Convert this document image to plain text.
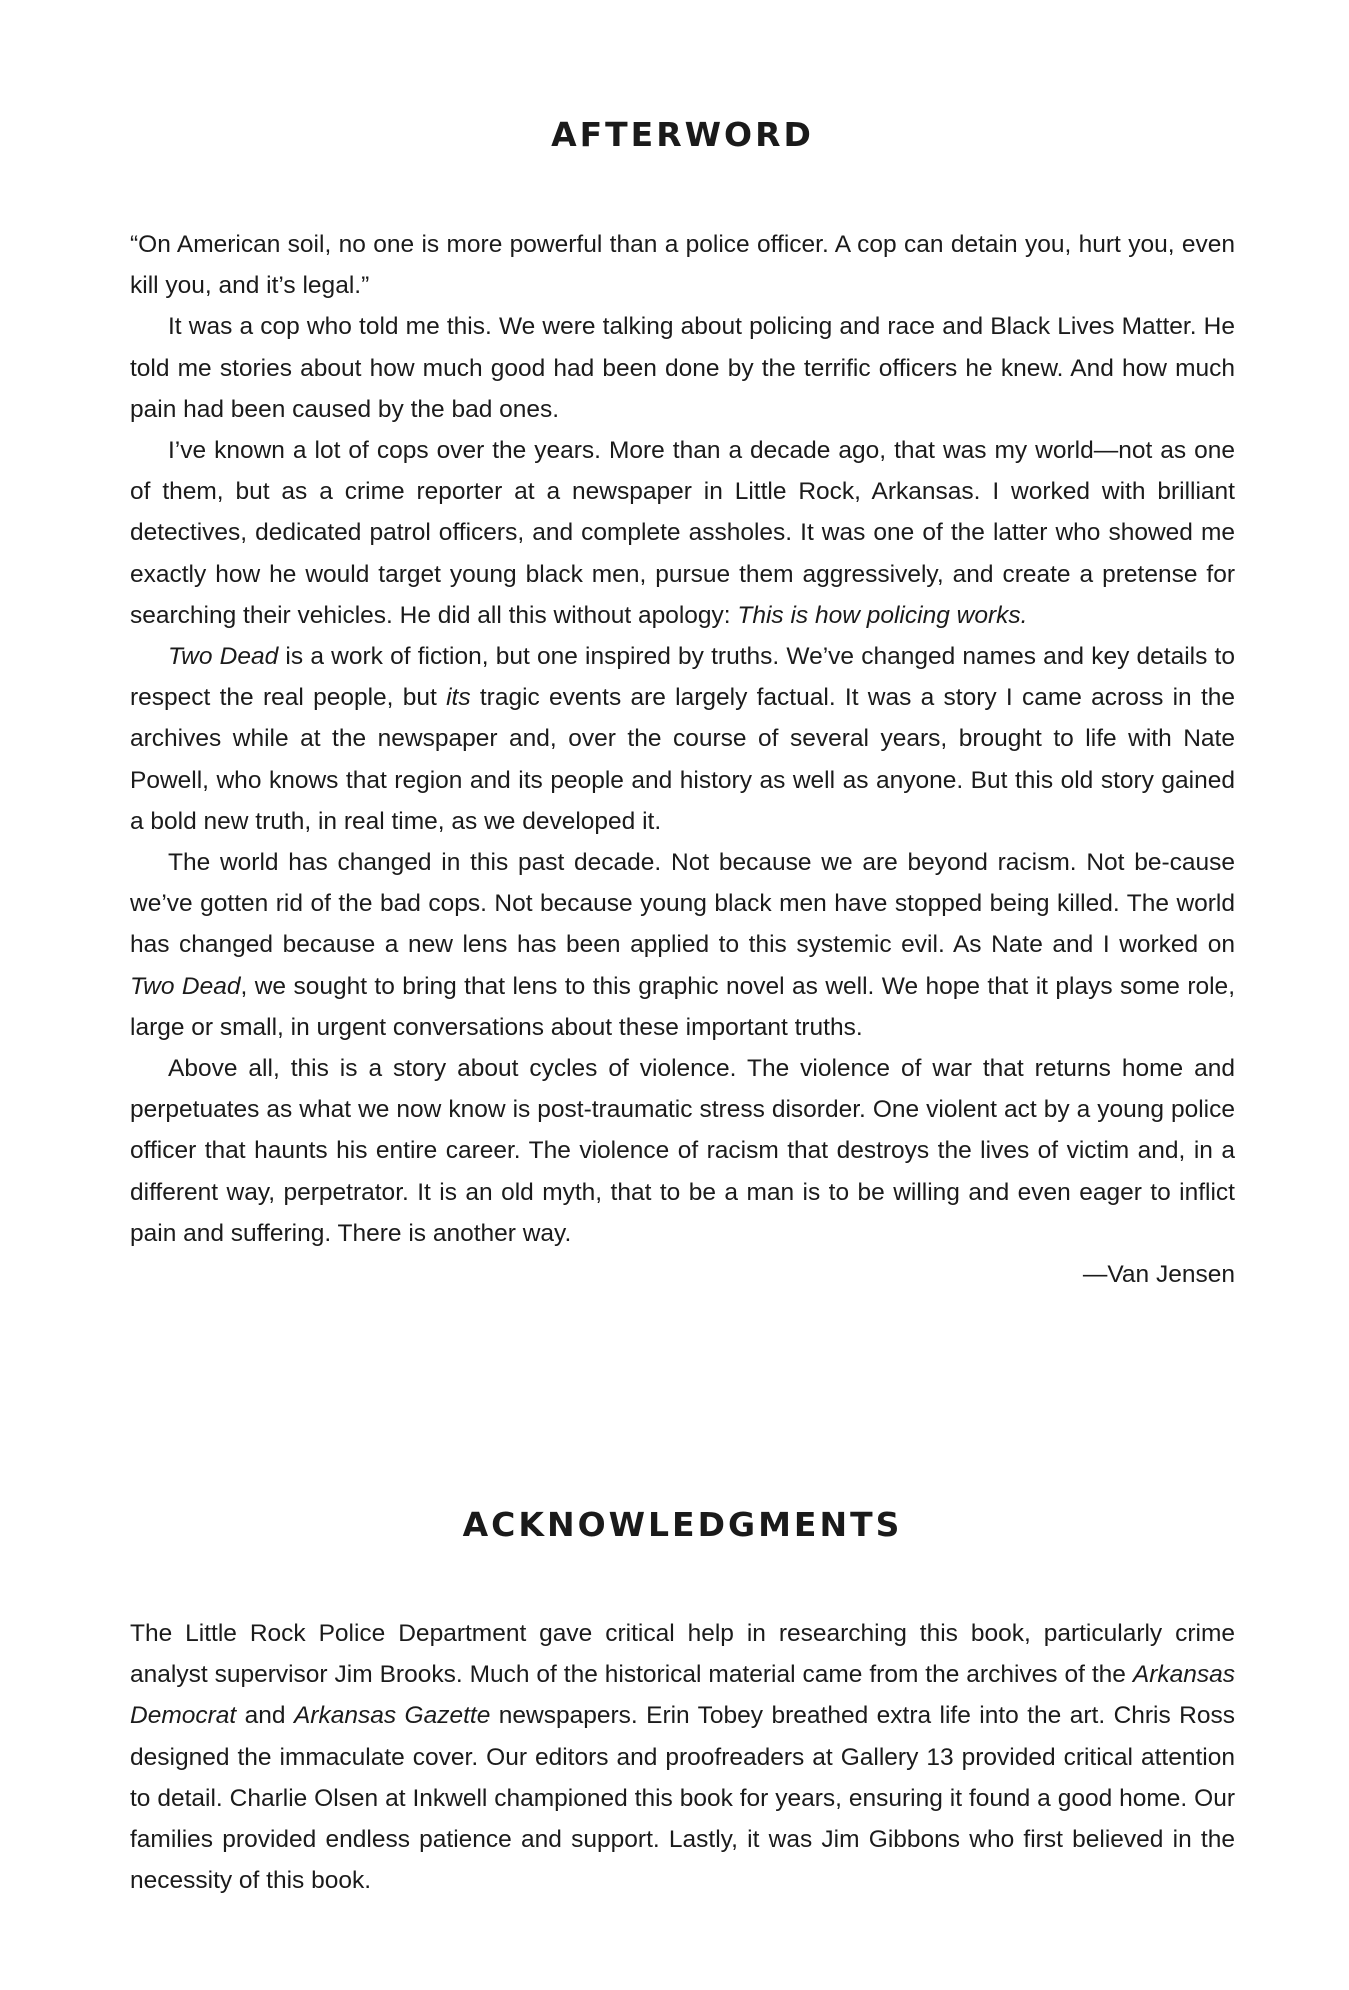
AFTERWORD

“On American soil, no one is more powerful than a police officer. A cop can detain you, hurt you, even kill you, and it’s legal.”

It was a cop who told me this. We were talking about policing and race and Black Lives Matter. He told me stories about how much good had been done by the terrific officers he knew. And how much pain had been caused by the bad ones.

I’ve known a lot of cops over the years. More than a decade ago, that was my world—not as one of them, but as a crime reporter at a newspaper in Little Rock, Arkansas. I worked with brilliant detectives, dedicated patrol officers, and complete assholes. It was one of the latter who showed me exactly how he would target young black men, pursue them aggressively, and create a pretense for searching their vehicles. He did all this without apology: This is how policing works.

Two Dead is a work of fiction, but one inspired by truths. We’ve changed names and key details to respect the real people, but its tragic events are largely factual. It was a story I came across in the archives while at the newspaper and, over the course of several years, brought to life with Nate Powell, who knows that region and its people and history as well as anyone. But this old story gained a bold new truth, in real time, as we developed it.

The world has changed in this past decade. Not because we are beyond racism. Not be-cause we’ve gotten rid of the bad cops. Not because young black men have stopped being killed. The world has changed because a new lens has been applied to this systemic evil. As Nate and I worked on Two Dead, we sought to bring that lens to this graphic novel as well. We hope that it plays some role, large or small, in urgent conversations about these important truths.

Above all, this is a story about cycles of violence. The violence of war that returns home and perpetuates as what we now know is post-traumatic stress disorder. One violent act by a young police officer that haunts his entire career. The violence of racism that destroys the lives of victim and, in a different way, perpetrator. It is an old myth, that to be a man is to be willing and even eager to inflict pain and suffering. There is another way.

—Van Jensen
ACKNOWLEDGMENTS

The Little Rock Police Department gave critical help in researching this book, particularly crime analyst supervisor Jim Brooks. Much of the historical material came from the archives of the Arkansas Democrat and Arkansas Gazette newspapers. Erin Tobey breathed extra life into the art. Chris Ross designed the immaculate cover. Our editors and proofreaders at Gallery 13 provided critical attention to detail. Charlie Olsen at Inkwell championed this book for years, ensuring it found a good home. Our families provided endless patience and support. Lastly, it was Jim Gibbons who first believed in the necessity of this book.
